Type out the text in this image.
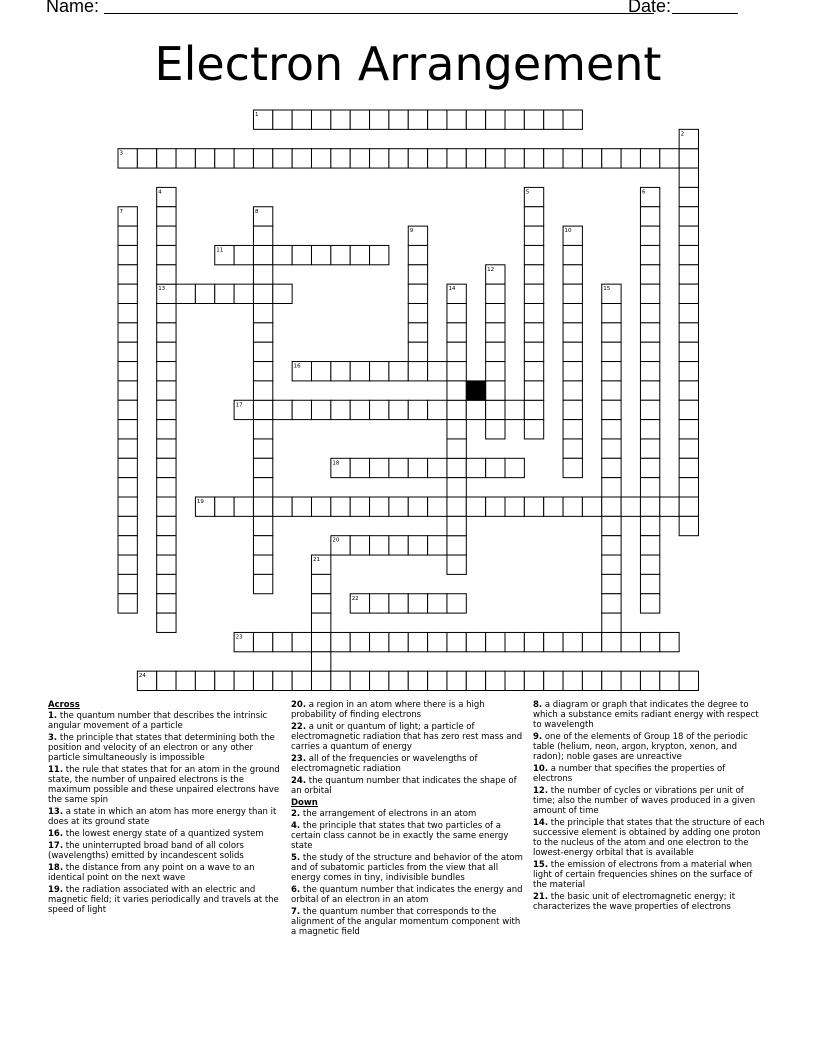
Name:	Date:
Electron Arrangement
1
3
11
13
16
17
18
19
20
22
23
24
2
4	5	6
7	8
9	10
12
14	15
21
Across
1. the quantum number that describes the intrinsic angular movement of a particle
3. the principle that states that determining both the position and velocity of an electron or any other particle simultaneously is impossible
11. the rule that states that for an atom in the ground state, the number of unpaired electrons is the maximum possible and these unpaired electrons have the same spin
13. a state in which an atom has more energy than it does at its ground state
16. the lowest energy state of a quantized system
17. the uninterrupted broad band of all colors (wavelengths) emitted by incandescent solids
18. the distance from any point on a wave to an identical point on the next wave
19. the radiation associated with an electric and magnetic field; it varies periodically and travels at the speed of light
20. a region in an atom where there is a high probability of finding electrons
22. a unit or quantum of light; a particle of electromagnetic radiation that has zero rest mass and carries a quantum of energy
23. all of the frequencies or wavelengths of electromagnetic radiation
24. the quantum number that indicates the shape of an orbital
Down
2. the arrangement of electrons in an atom
4. the principle that states that two particles of a certain class cannot be in exactly the same energy state
5. the study of the structure and behavior of the atom and of subatomic particles from the view that all energy comes in tiny, indivisible bundles
6. the quantum number that indicates the energy and orbital of an electron in an atom
7. the quantum number that corresponds to the alignment of the angular momentum component with a magnetic field
8. a diagram or graph that indicates the degree to which a substance emits radiant energy with respect to wavelength
9. one of the elements of Group 18 of the periodic table (helium, neon, argon, krypton, xenon, and radon); noble gases are unreactive
10. a number that specifies the properties of electrons
12. the number of cycles or vibrations per unit of time; also the number of waves produced in a given amount of time
14. the principle that states that the structure of each successive element is obtained by adding one proton to the nucleus of the atom and one electron to the lowest-energy orbital that is available
15. the emission of electrons from a material when light of certain frequencies shines on the surface of the material
21. the basic unit of electromagnetic energy; it characterizes the wave properties of electrons
